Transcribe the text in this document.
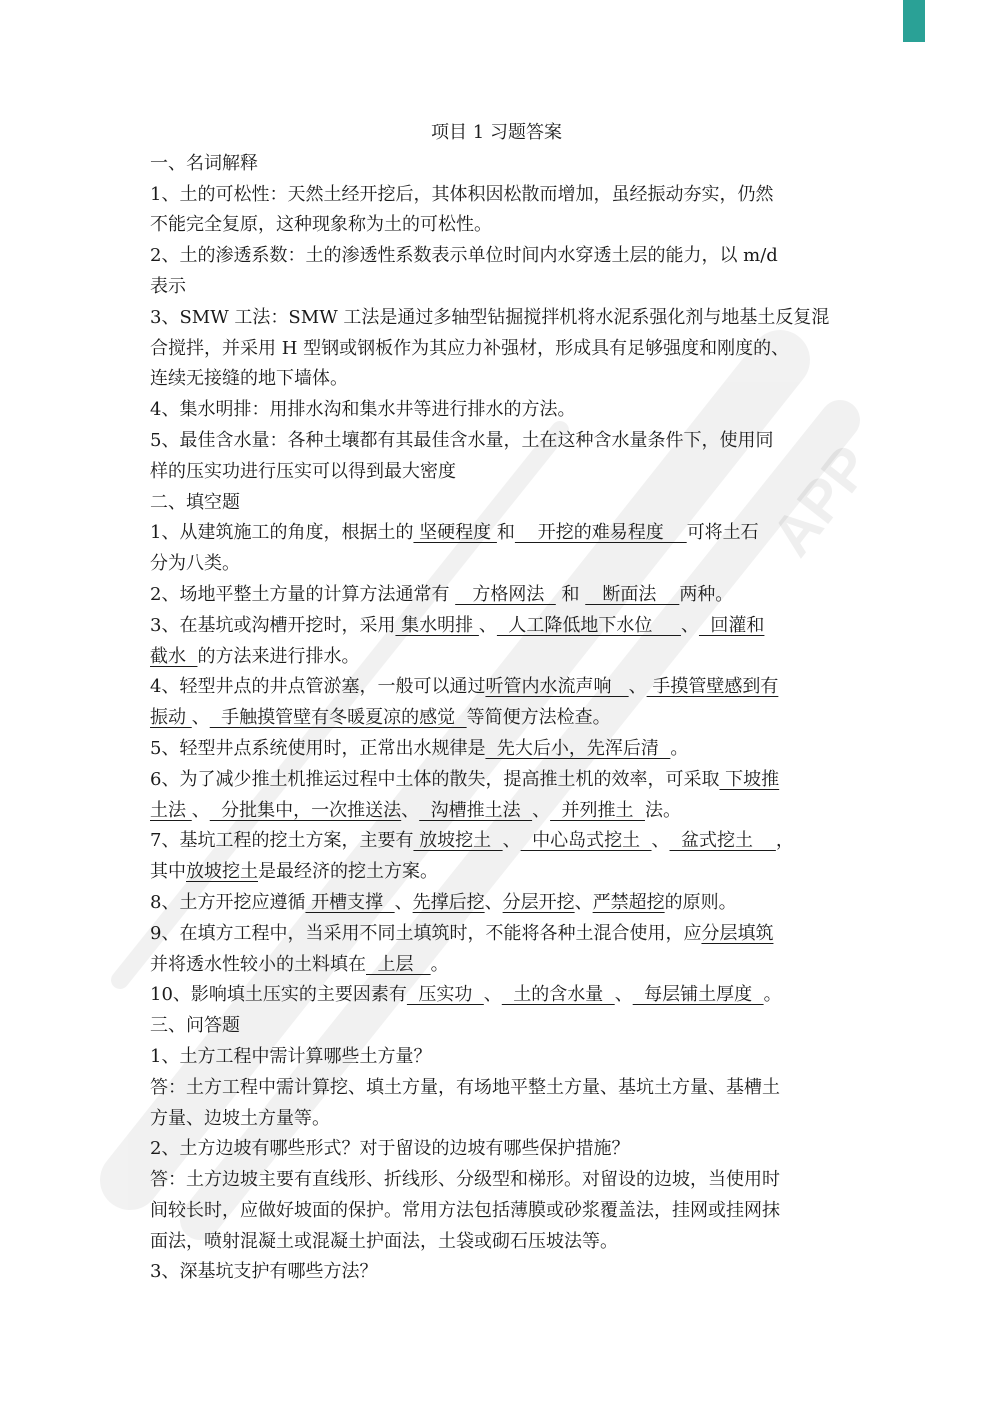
APP

项目 1 习题答案

一、名词解释

1、土的可松性：天然土经开挖后，其体积因松散而增加，虽经振动夯实，仍然
不能完全复原，这种现象称为土的可松性。

2、土的渗透系数：土的渗透性系数表示单位时间内水穿透土层的能力，以 m/d
表示

3、SMW 工法：SMW 工法是通过多轴型钻掘搅拌机将水泥系强化剂与地基土反复混
合搅拌，并采用 H 型钢或钢板作为其应力补强材，形成具有足够强度和刚度的、
连续无接缝的地下墙体。

4、集水明排：用排水沟和集水井等进行排水的方法。

5、最佳含水量：各种土壤都有其最佳含水量，土在这种含水量条件下，使用同
样的压实功进行压实可以得到最大密度

二、填空题

1、从建筑施工的角度，根据土的 坚硬程度 和    开挖的难易程度    可将土石
分为八类。

2、场地平整土方量的计算方法通常有    方格网法   和    断面法    两种。

3、在基坑或沟槽开挖时，采用 集水明排 、  人工降低地下水位     、  回灌和
截水  的方法来进行排水。

4、轻型井点的井点管淤塞，一般可以通过听管内水流声响   、 手摸管壁感到有
振动 、  手触摸管壁有冬暖夏凉的感觉  等简便方法检查。

5、轻型井点系统使用时，正常出水规律是  先大后小，先浑后清  。

6、为了减少推土机推运过程中土体的散失，提高推土机的效率，可采取 下坡推
土法 、  分批集中，一次推送法、  沟槽推土法  、  并列推土  法。

7、基坑工程的挖土方案，主要有 放坡挖土  、  中心岛式挖土  、  盆式挖土    ，
其中放坡挖土是最经济的挖土方案。

8、土方开挖应遵循 开槽支撑  、先撑后挖、分层开挖、严禁超挖的原则。

9、在填方工程中，当采用不同土填筑时，不能将各种土混合使用，应分层填筑
并将透水性较小的土料填在  上层   。

10、影响填土压实的主要因素有  压实功  、  土的含水量  、  每层铺土厚度  。

三、问答题

1、土方工程中需计算哪些土方量？

答：土方工程中需计算挖、填土方量，有场地平整土方量、基坑土方量、基槽土
方量、边坡土方量等。

2、土方边坡有哪些形式？对于留设的边坡有哪些保护措施？

答：土方边坡主要有直线形、折线形、分级型和梯形。对留设的边坡，当使用时
间较长时，应做好坡面的保护。常用方法包括薄膜或砂浆覆盖法，挂网或挂网抹
面法，喷射混凝土或混凝土护面法，土袋或砌石压坡法等。

3、深基坑支护有哪些方法？
